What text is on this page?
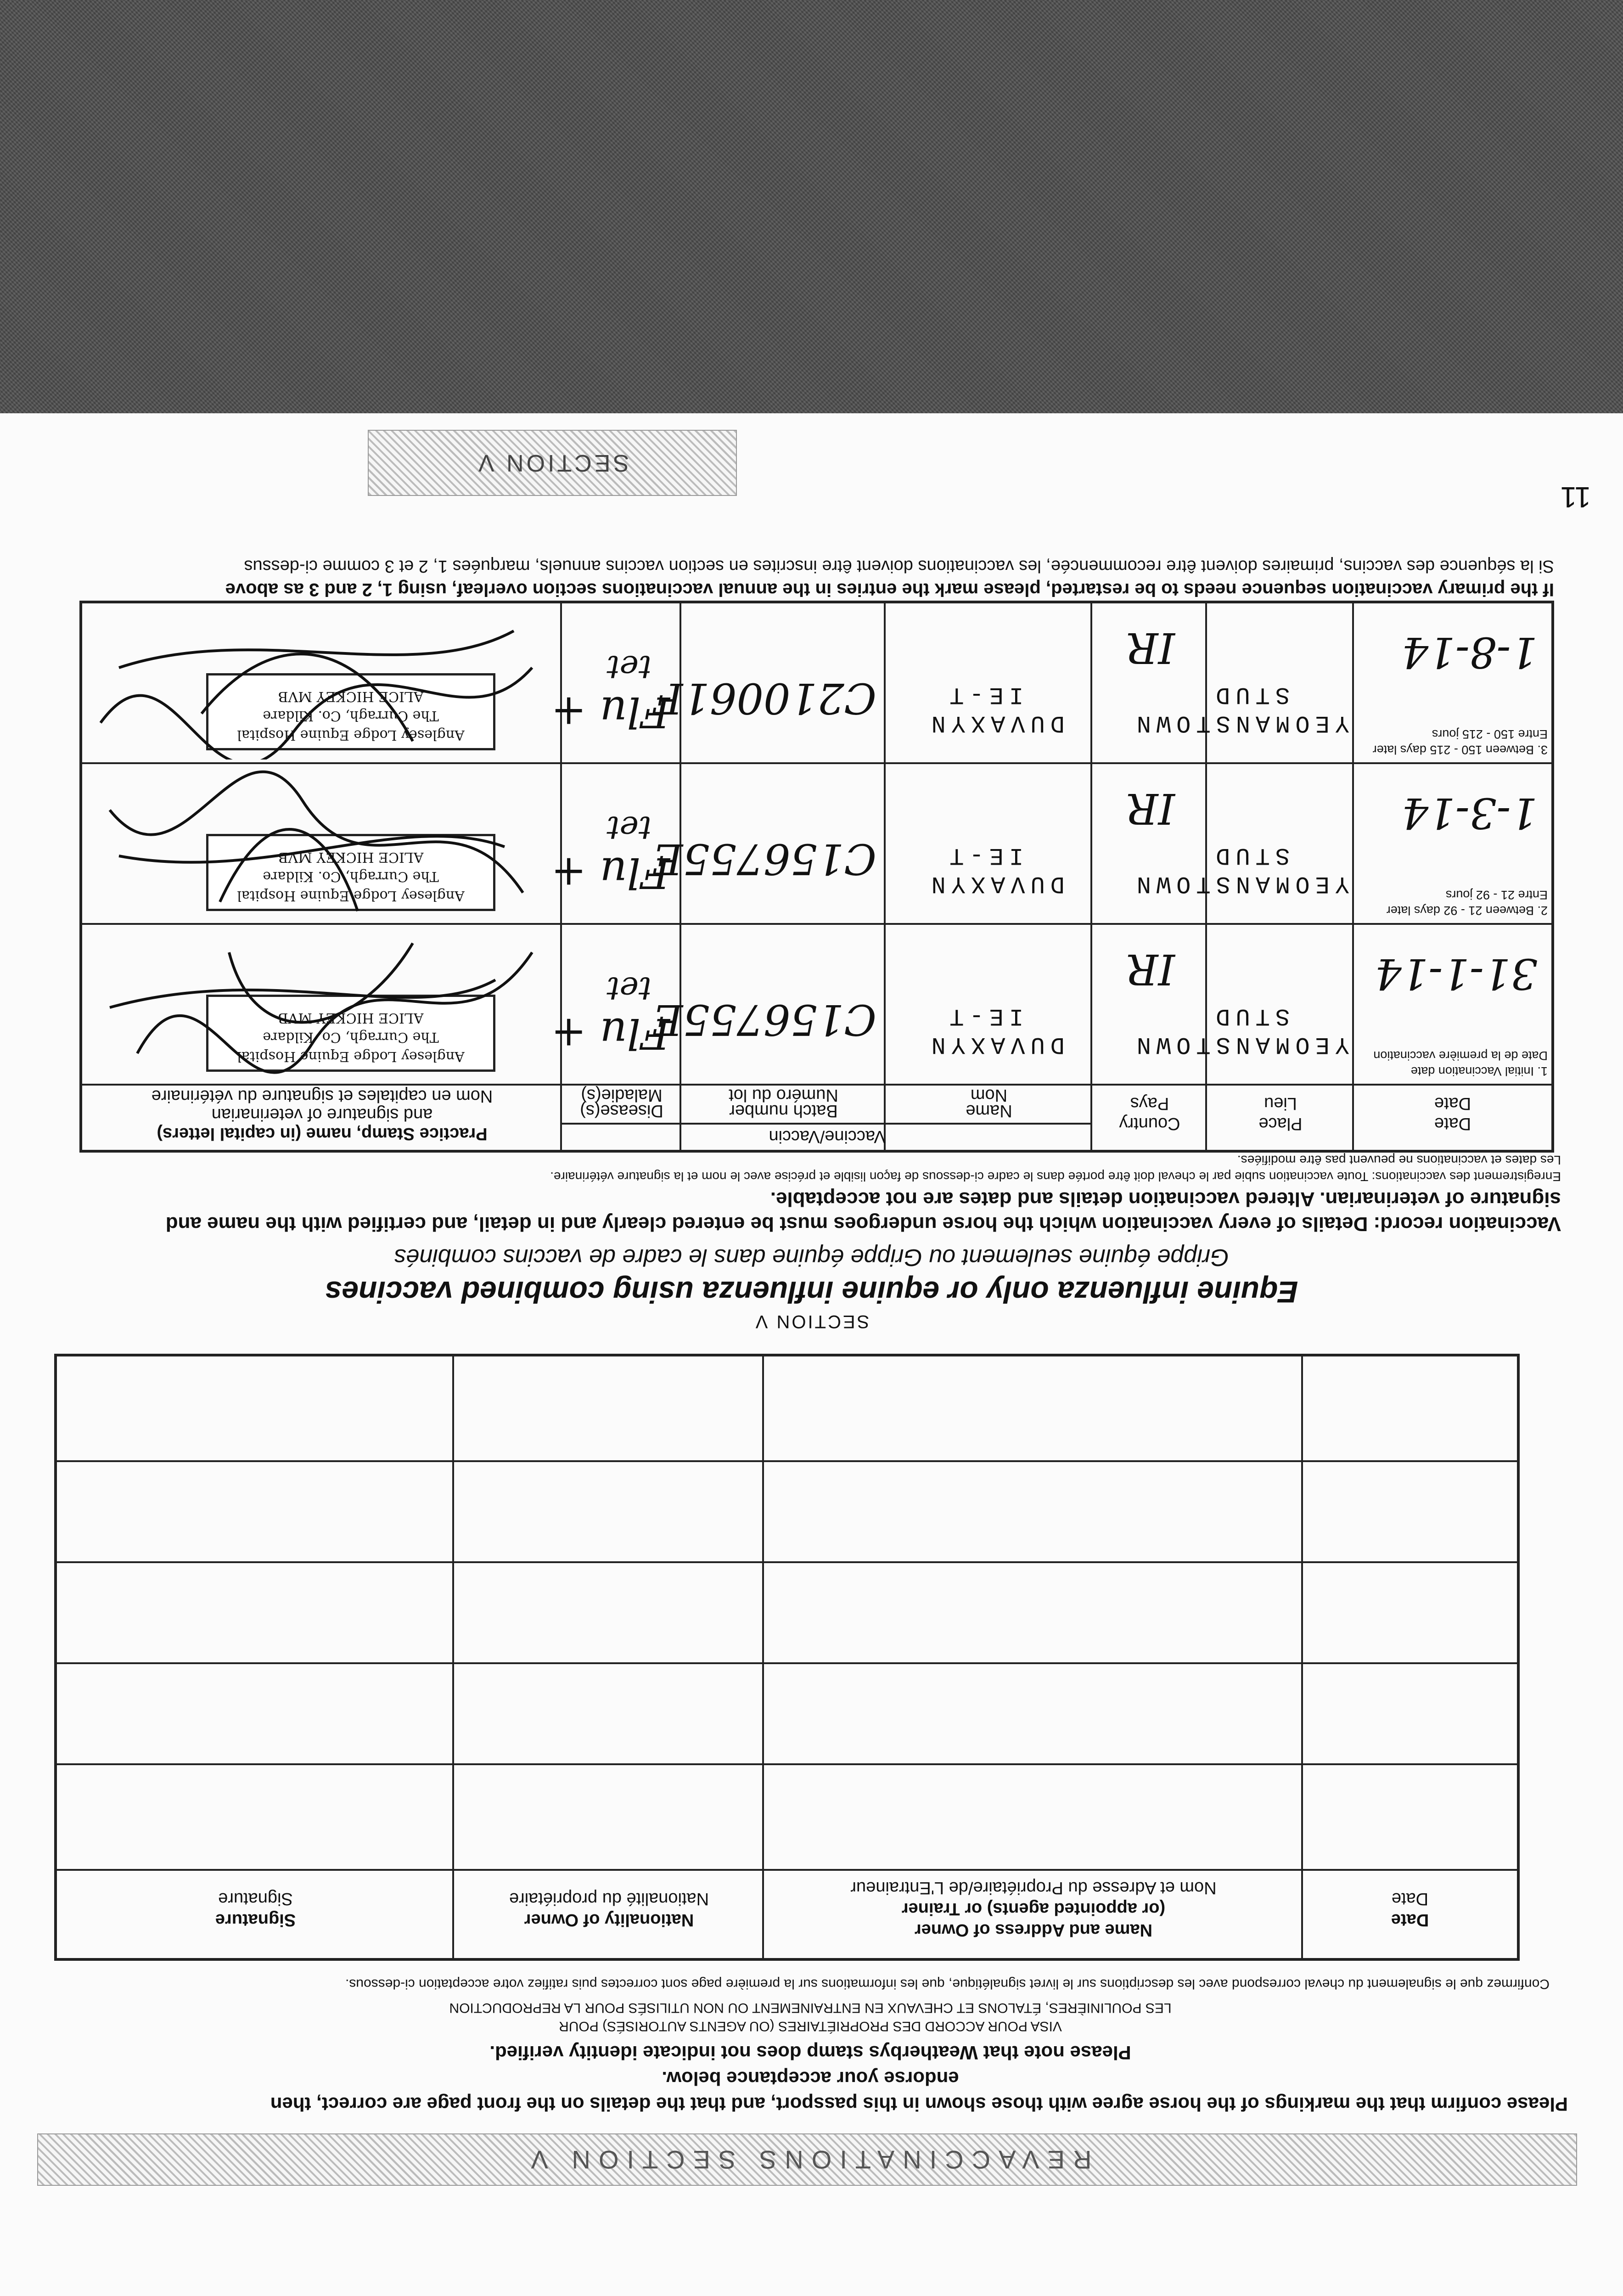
11
REVACCINATIONS SECTION V
Please confirm that the markings of the horse agree with those shown in this passport, and that the details on the front page are correct, then
endorse your acceptance below.
Please note that Weatherbys stamp does not indicate identity verified.
VISA POUR ACCORD DES PROPRIÉTAIRES (OU AGENTS AUTORISÉS) POUR
LES POULINIÈRES, ÉTALONS ET CHEVAUX EN ENTRAINEMENT OU NON UTILISÉS POUR LA REPRODUCTION
Confirmez que le signalement du cheval correspond avec les descriptions sur le livret signalétique, que les informations sur la première page sont correctes puis ratifiez votre acceptation ci-dessous.
Date
Date
Name and Address of Owner
(or appointed agents) or Trainer
Nom et Adresse du Propriétaire/de L'Entraineur
Nationality of Owner
Nationalité du propriétaire
Signature
Signature
SECTION V
Equine influenza only or equine influenza using combined vaccines
Grippe équine seulement ou Grippe équine dans le cadre de vaccins combinés
Vaccination record: Details of every vaccination which the horse undergoes must be entered clearly and in detail, and certified with the name and
signature of veterinarian. Altered vaccination details and dates are not acceptable.
Enregistrement des vaccinations: Toute vaccination subie par le cheval doit être portée dans le cadre ci-dessous de façon lisible et précise avec le nom et la signature vétérinaire.
Les dates et vaccinations ne peuvent pas être modifiées.
Vaccine/Vaccin
Date
Date
Place
Lieu
Country
Pays
Name
Nom
Batch number
Numéro du lot
Disease(s)
Maladie(s)
Practice Stamp, name (in capital letters)
and signature of veterinarian
Nom en capitales et signature du vétérinaire
1. Initial Vaccination date
Date de la première vaccination
31-1-14
YEOMANSTOWN
STUD
IR
DUVAXYN
IE-T
C156755E
Flu +
tet
Anglesey Lodge Equine Hospital
The Curragh, Co. Kildare
ALICE HICKEY MVB
2. Between 21 - 92 days later
Entre 21 - 92 jours
1-3-14
YEOMANSTOWN
STUD
IR
DUVAXYN
IE-T
C156755E
Flu +
tet
Anglesey Lodge Equine Hospital
The Curragh, Co. Kildare
ALICE HICKEY MVB
3. Between 150 - 215 days later
Entre 150 - 215 jours
1-8-14
YEOMANSTOWN
STUD
IR
DUVAXYN
IE-T
C210061F
Flu +
tet
Anglesey Lodge Equine Hospital
The Curragh, Co. Kildare
ALICE HICKEY MVB
If the primary vaccination sequence needs to be restarted, please mark the entries in the annual vaccinations section overleaf, using 1, 2 and 3 as above
Si la séquence des vaccins, primaires doivent être recommencée, les vaccinations doivent être inscrites en section vaccins annuels, marquées 1, 2 et 3 comme ci-dessus
SECTION V
